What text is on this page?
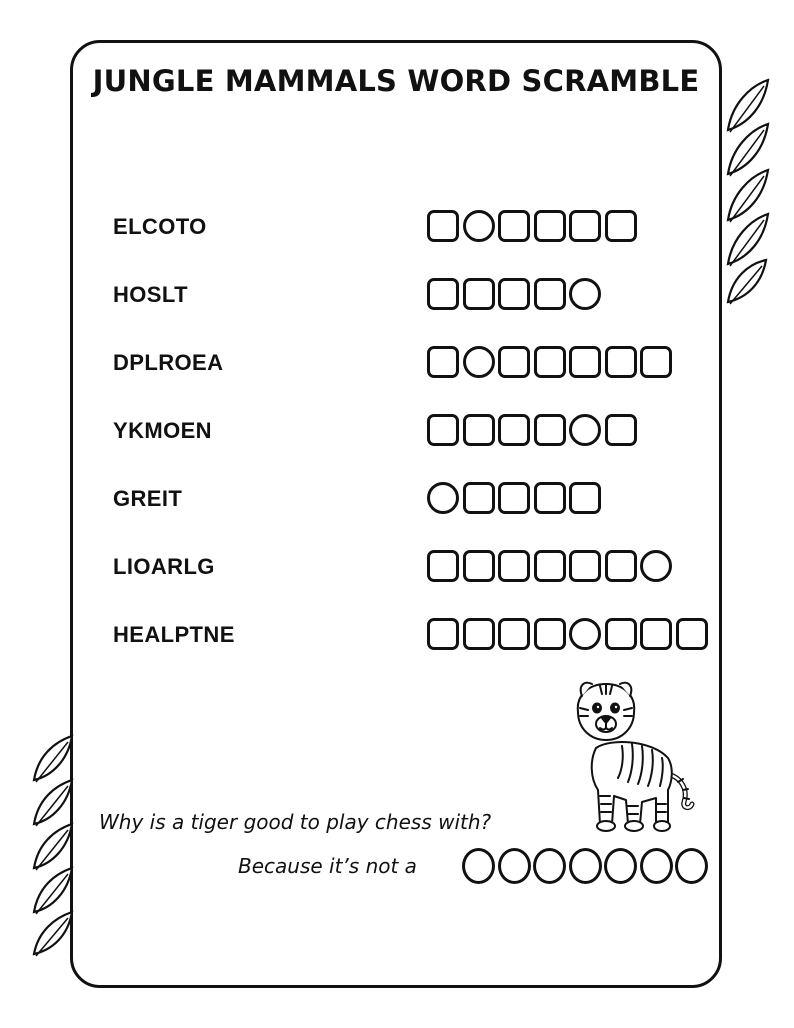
JUNGLE MAMMALS WORD SCRAMBLE
ELCOTO
HOSLT
DPLROEA
YKMOEN
GREIT
LIOARLG
HEALPTNE
Why is a tiger good to play chess with?
Because it’s not a
